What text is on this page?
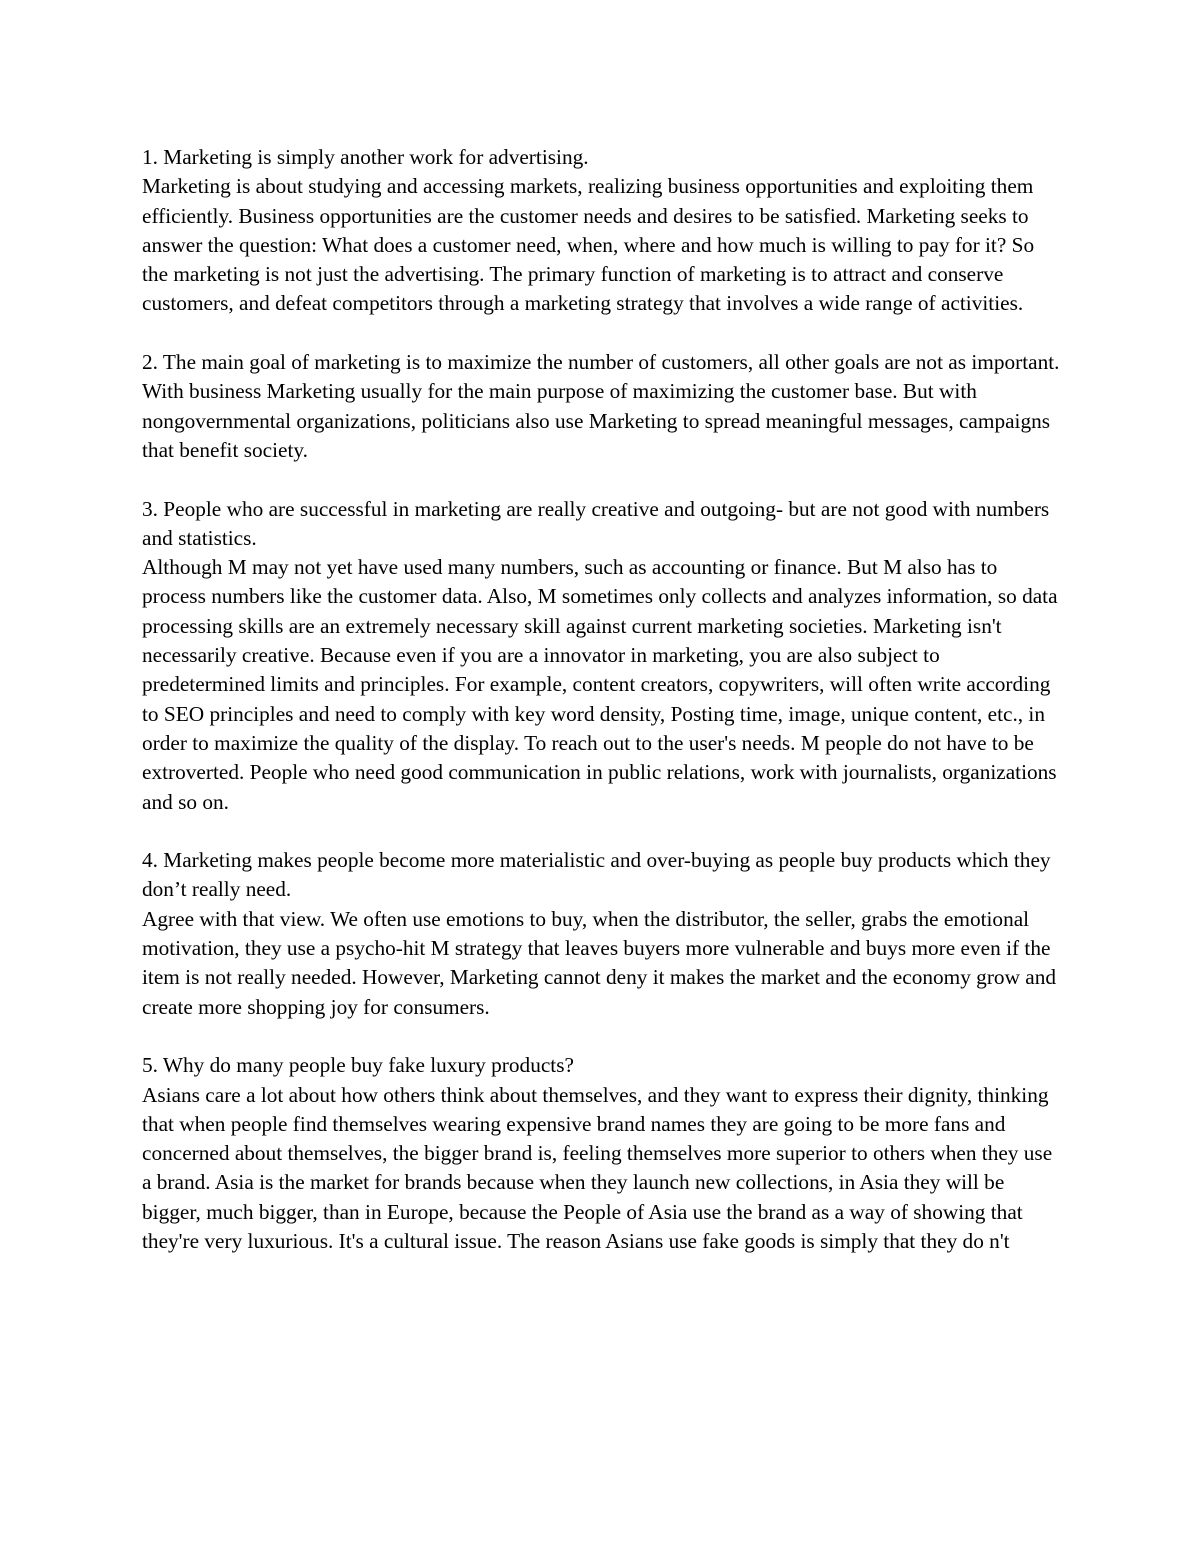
1. Marketing is simply another work for advertising.

Marketing is about studying and accessing markets, realizing business opportunities and exploiting them efficiently. Business opportunities are the customer needs and desires to be satisfied. Marketing seeks to answer the question: What does a customer need, when, where and how much is willing to pay for it? So the marketing is not just the advertising. The primary function of marketing is to attract and conserve customers, and defeat competitors through a marketing strategy that involves a wide range of activities.

2. The main goal of marketing is to maximize the number of customers, all other goals are not as important.

With business Marketing usually for the main purpose of maximizing the customer base. But with nongovernmental organizations, politicians also use Marketing to spread meaningful messages, campaigns that benefit society.

3. People who are successful in marketing are really creative and outgoing- but are not good with numbers and statistics.

Although M may not yet have used many numbers, such as accounting or finance. But M also has to process numbers like the customer data. Also, M sometimes only collects and analyzes information, so data processing skills are an extremely necessary skill against current marketing societies. Marketing isn't necessarily creative. Because even if you are a innovator in marketing, you are also subject to predetermined limits and principles. For example, content creators, copywriters, will often write according to SEO principles and need to comply with key word density, Posting time, image, unique content, etc., in order to maximize the quality of the display. To reach out to the user's needs. M people do not have to be extroverted. People who need good communication in public relations, work with journalists, organizations and so on.

4. Marketing makes people become more materialistic and over-buying as people buy products which they don’t really need.

Agree with that view. We often use emotions to buy, when the distributor, the seller, grabs the emotional motivation, they use a psycho-hit M strategy that leaves buyers more vulnerable and buys more even if the item is not really needed. However, Marketing cannot deny it makes the market and the economy grow and create more shopping joy for consumers.

5. Why do many people buy fake luxury products?

Asians care a lot about how others think about themselves, and they want to express their dignity, thinking that when people find themselves wearing expensive brand names they are going to be more fans and concerned about themselves, the bigger brand is, feeling themselves more superior to others when they use a brand. Asia is the market for brands because when they launch new collections, in Asia they will be bigger, much bigger, than in Europe, because the People of Asia use the brand as a way of showing that they're very luxurious. It's a cultural issue. The reason Asians use fake goods is simply that they do n't
